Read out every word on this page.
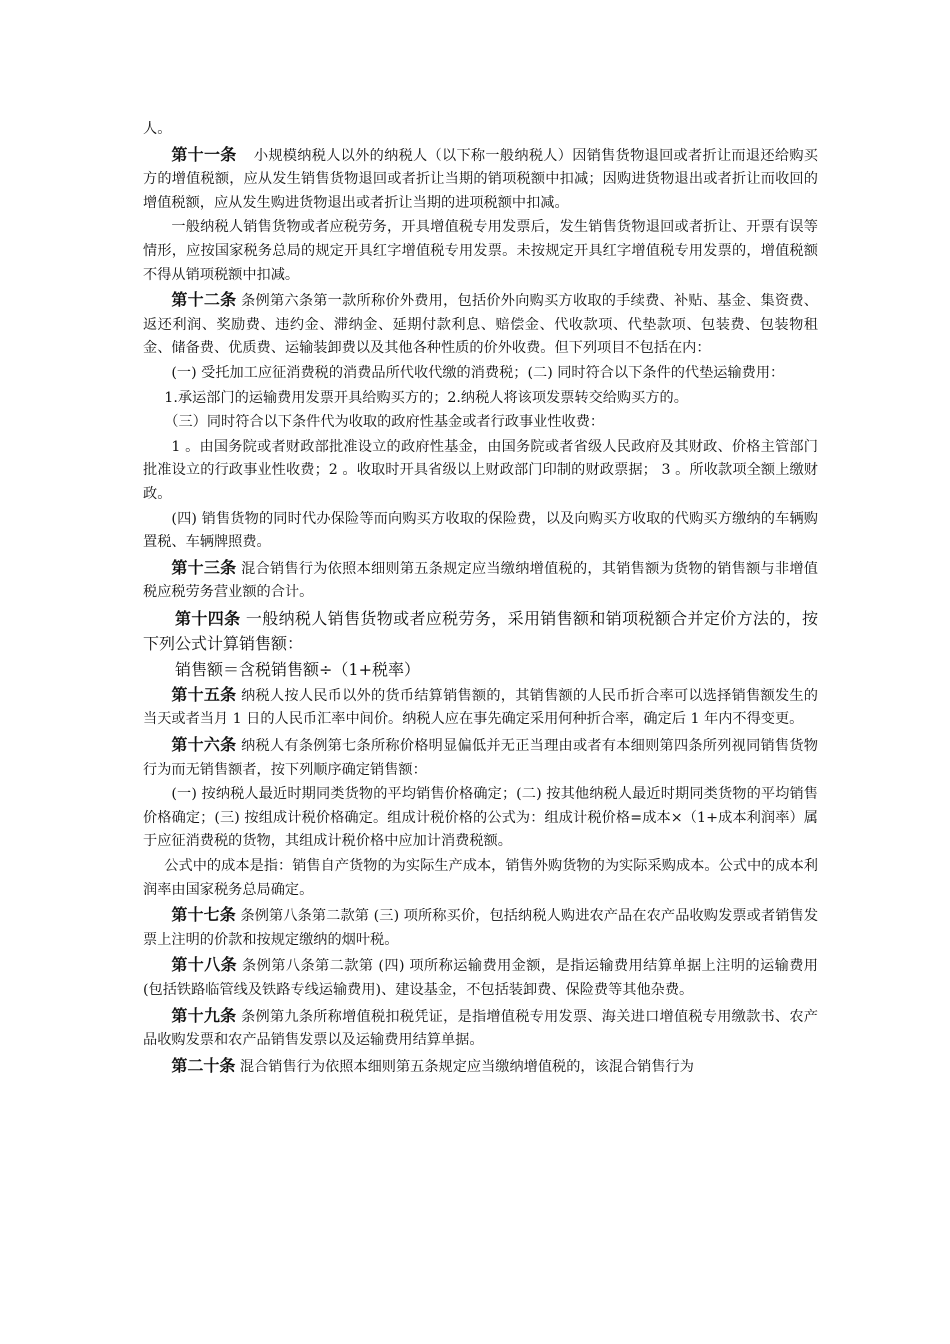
人。

第十一条 小规模纳税人以外的纳税人（以下称一般纳税人）因销售货物退回或者折让而退还给购买方的增值税额，应从发生销售货物退回或者折让当期的销项税额中扣减；因购进货物退出或者折让而收回的增值税额，应从发生购进货物退出或者折让当期的进项税额中扣减。

一般纳税人销售货物或者应税劳务，开具增值税专用发票后，发生销售货物退回或者折让、开票有误等情形，应按国家税务总局的规定开具红字增值税专用发票。未按规定开具红字增值税专用发票的，增值税额不得从销项税额中扣减。

第十二条 条例第六条第一款所称价外费用，包括价外向购买方收取的手续费、补贴、基金、集资费、返还利润、奖励费、违约金、滞纳金、延期付款利息、赔偿金、代收款项、代垫款项、包装费、包装物租金、储备费、优质费、运输装卸费以及其他各种性质的价外收费。但下列项目不包括在内：

(一) 受托加工应征消费税的消费品所代收代缴的消费税；(二) 同时符合以下条件的代垫运输费用：

1.承运部门的运输费用发票开具给购买方的；2.纳税人将该项发票转交给购买方的。

（三）同时符合以下条件代为收取的政府性基金或者行政事业性收费：

1 。由国务院或者财政部批准设立的政府性基金，由国务院或者省级人民政府及其财政、价格主管部门批准设立的行政事业性收费；2 。收取时开具省级以上财政部门印制的财政票据； 3 。所收款项全额上缴财政。

(四) 销售货物的同时代办保险等而向购买方收取的保险费，以及向购买方收取的代购买方缴纳的车辆购置税、车辆牌照费。

第十三条 混合销售行为依照本细则第五条规定应当缴纳增值税的，其销售额为货物的销售额与非增值税应税劳务营业额的合计。

第十四条 一般纳税人销售货物或者应税劳务，采用销售额和销项税额合并定价方法的，按下列公式计算销售额：

销售额＝含税销售额÷（1+税率）

第十五条 纳税人按人民币以外的货币结算销售额的，其销售额的人民币折合率可以选择销售额发生的当天或者当月 1 日的人民币汇率中间价。纳税人应在事先确定采用何种折合率，确定后 1 年内不得变更。

第十六条 纳税人有条例第七条所称价格明显偏低并无正当理由或者有本细则第四条所列视同销售货物行为而无销售额者，按下列顺序确定销售额：

(一) 按纳税人最近时期同类货物的平均销售价格确定；(二) 按其他纳税人最近时期同类货物的平均销售价格确定；(三) 按组成计税价格确定。组成计税价格的公式为：组成计税价格=成本×（1+成本利润率）属于应征消费税的货物，其组成计税价格中应加计消费税额。

公式中的成本是指：销售自产货物的为实际生产成本，销售外购货物的为实际采购成本。公式中的成本利润率由国家税务总局确定。

第十七条 条例第八条第二款第 (三) 项所称买价，包括纳税人购进农产品在农产品收购发票或者销售发票上注明的价款和按规定缴纳的烟叶税。

第十八条 条例第八条第二款第 (四) 项所称运输费用金额，是指运输费用结算单据上注明的运输费用 (包括铁路临管线及铁路专线运输费用)、建设基金，不包括装卸费、保险费等其他杂费。

第十九条 条例第九条所称增值税扣税凭证，是指增值税专用发票、海关进口增值税专用缴款书、农产品收购发票和农产品销售发票以及运输费用结算单据。

第二十条 混合销售行为依照本细则第五条规定应当缴纳增值税的，该混合销售行为
